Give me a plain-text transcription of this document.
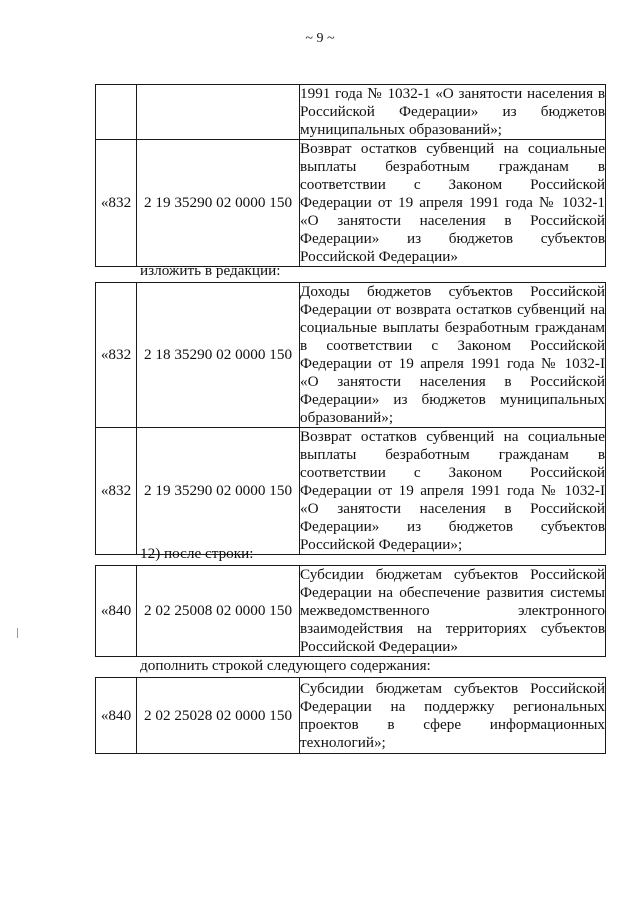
~ 9 ~
		1991 года № 1032-1 «О занятости населения в Российской Федерации» из бюджетов муниципальных образований»;
«832	2 19 35290 02 0000 150	Возврат остатков субвенций на социальные выплаты безработным гражданам в соответствии с Законом Российской Федерации от 19 апреля 1991 года № 1032-1 «О занятости населения в Российской Федерации» из бюджетов субъектов Российской Федерации»
изложить в редакции:
«832	2 18 35290 02 0000 150	Доходы бюджетов субъектов Российской Федерации от возврата остатков субвенций на социальные выплаты безработным гражданам в соответствии с Законом Российской Федерации от 19 апреля 1991 года № 1032-I «О занятости населения в Российской Федерации» из бюджетов муниципальных образований»;
«832	2 19 35290 02 0000 150	Возврат остатков субвенций на социальные выплаты безработным гражданам в соответствии с Законом Российской Федерации от 19 апреля 1991 года № 1032-I «О занятости населения в Российской Федерации» из бюджетов субъектов Российской Федерации»;
12) после строки:
«840	2 02 25008 02 0000 150	Субсидии бюджетам субъектов Российской Федерации на обеспечение развития системы межведомственного электронного взаимодействия на территориях субъектов Российской Федерации»
дополнить строкой следующего содержания:
«840	2 02 25028 02 0000 150	Субсидии бюджетам субъектов Российской Федерации на поддержку региональных проектов в сфере информационных технологий»;
